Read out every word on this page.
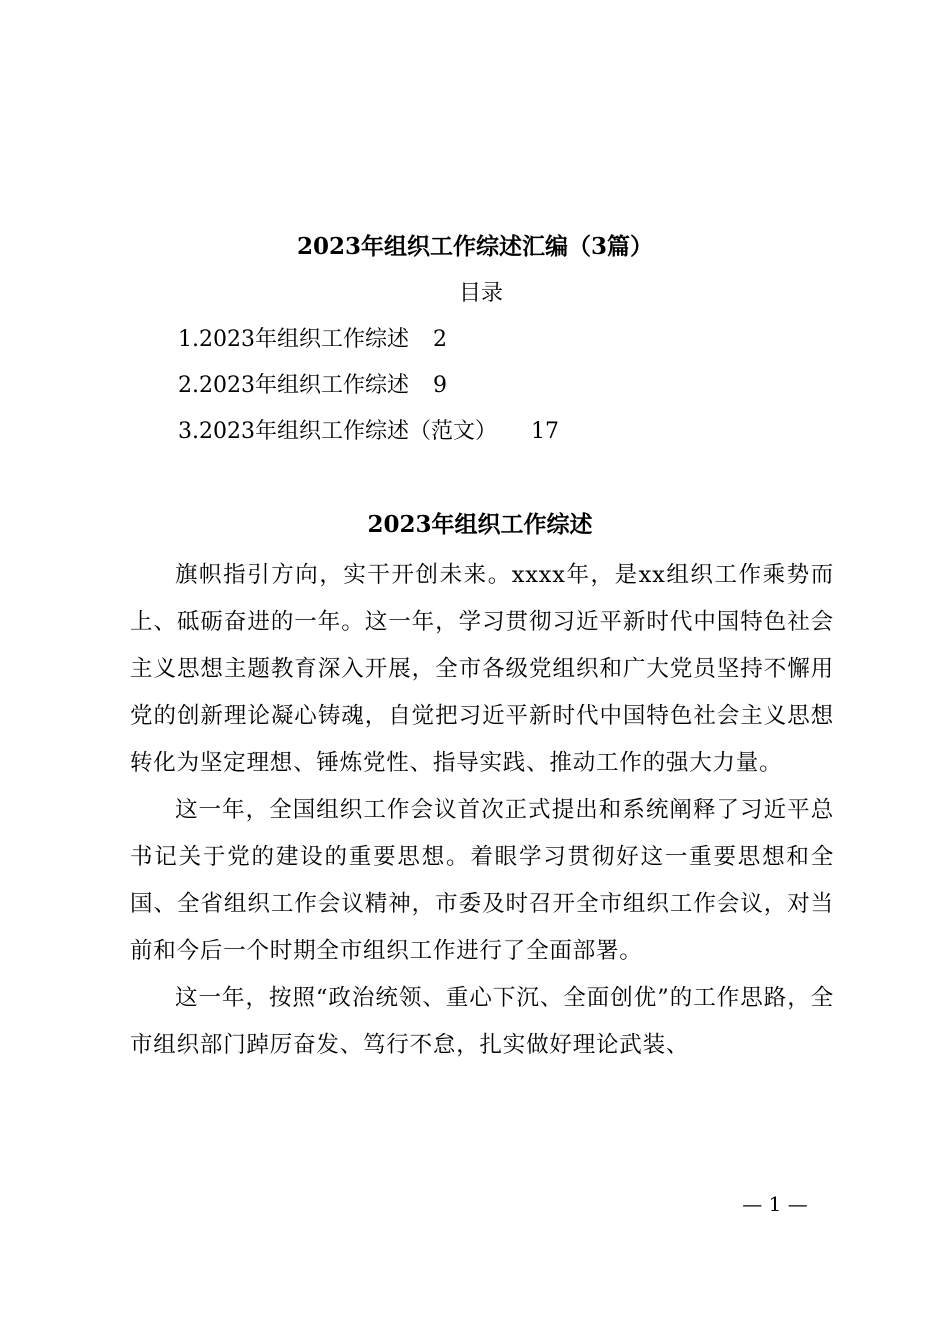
2023年组织工作综述汇编（3篇）
目录
1.2023年组织工作综述 2
2.2023年组织工作综述 9
3.2023年组织工作综述（范文） 17
2023年组织工作综述

旗帜指引方向，实干开创未来。xxxx年，是xx组织工作乘势而上、砥砺奋进的一年。这一年，学习贯彻习近平新时代中国特色社会主义思想主题教育深入开展，全市各级党组织和广大党员坚持不懈用党的创新理论凝心铸魂，自觉把习近平新时代中国特色社会主义思想转化为坚定理想、锤炼党性、指导实践、推动工作的强大力量。

这一年，全国组织工作会议首次正式提出和系统阐释了习近平总书记关于党的建设的重要思想。着眼学习贯彻好这一重要思想和全国、全省组织工作会议精神，市委及时召开全市组织工作会议，对当前和今后一个时期全市组织工作进行了全面部署。

这一年，按照“政治统领、重心下沉、全面创优”的工作思路，全市组织部门踔厉奋发、笃行不怠，扎实做好理论武装、

— 1 —
